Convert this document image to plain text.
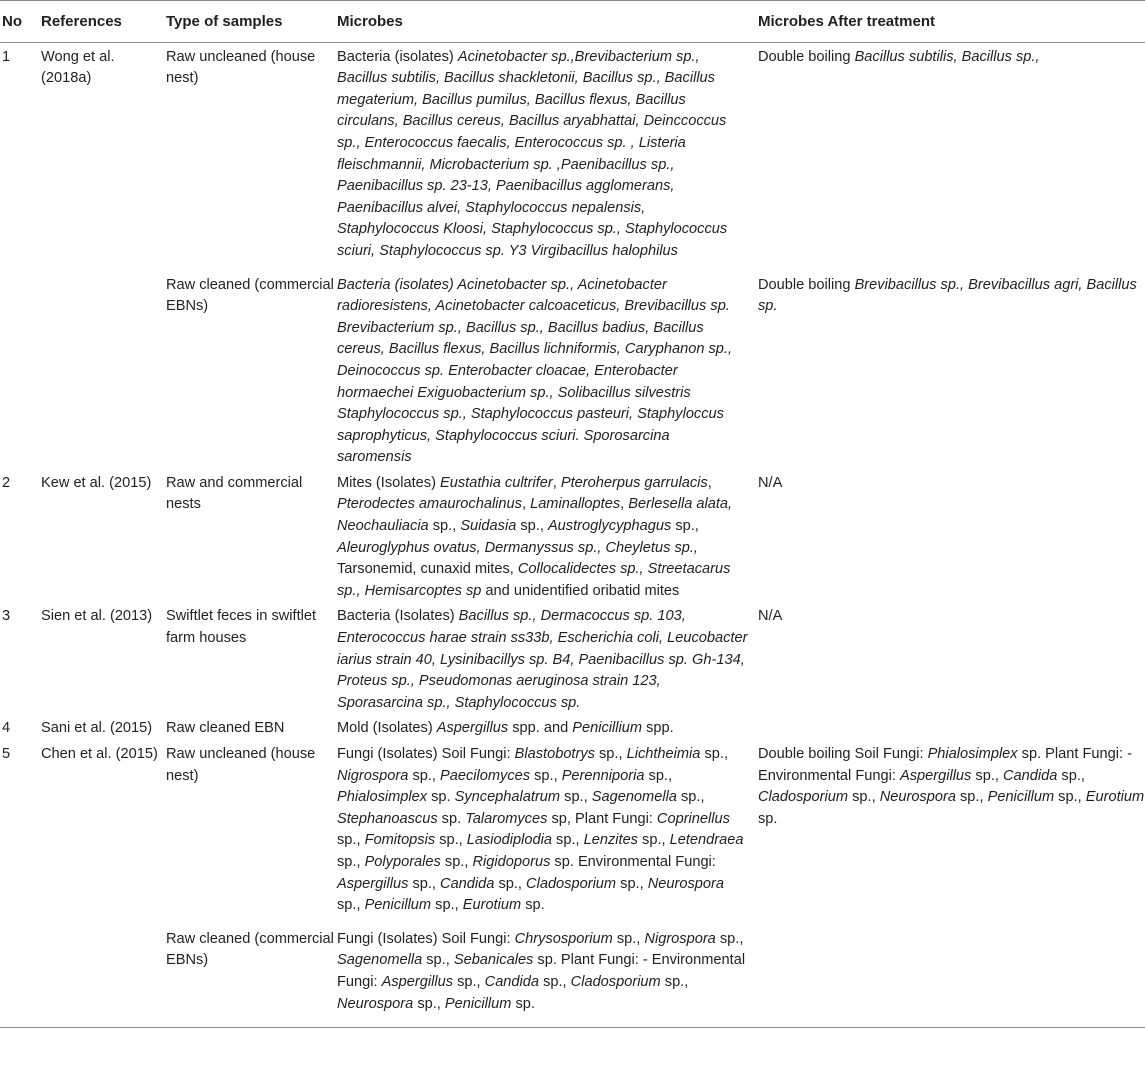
No	References	Type of samples	Microbes	Microbes After treatment
1	Wong et al. (2018a)	Raw uncleaned (house nest)	Bacteria (isolates) Acinetobacter sp.,Brevibacterium sp., Bacillus subtilis, Bacillus shackletonii, Bacillus sp., Bacillus megaterium, Bacillus pumilus, Bacillus flexus, Bacillus circulans, Bacillus cereus, Bacillus aryabhattai, Deinccoccus sp., Enterococcus faecalis, Enterococcus sp. , Listeria fleischmannii, Microbacterium sp. ,Paenibacillus sp., Paenibacillus sp. 23-13, Paenibacillus agglomerans, Paenibacillus alvei, Staphylococcus nepalensis, Staphylococcus Kloosi, Staphylococcus sp., Staphylococcus sciuri, Staphylococcus sp. Y3 Virgibacillus halophilus	Double boiling Bacillus subtilis, Bacillus sp.,
		Raw cleaned (commercial EBNs)	Bacteria (isolates) Acinetobacter sp., Acinetobacter radioresistens, Acinetobacter calcoaceticus, Brevibacillus sp. Brevibacterium sp., Bacillus sp., Bacillus badius, Bacillus cereus, Bacillus flexus, Bacillus lichniformis, Caryphanon sp., Deinococcus sp. Enterobacter cloacae, Enterobacter hormaechei Exiguobacterium sp., Solibacillus silvestris Staphylococcus sp., Staphylococcus pasteuri, Staphyloccus saprophyticus, Staphylococcus sciuri. Sporosarcina saromensis	Double boiling Brevibacillus sp., Brevibacillus agri, Bacillus sp.
2	Kew et al. (2015)	Raw and commercial nests	Mites (Isolates) Eustathia cultrifer, Pteroherpus garrulacis, Pterodectes amaurochalinus, Laminalloptes, Berlesella alata, Neochauliacia sp., Suidasia sp., Austroglycyphagus sp., Aleuroglyphus ovatus, Dermanyssus sp., Cheyletus sp., Tarsonemid, cunaxid mites, Collocalidectes sp., Streetacarus sp., Hemisarcoptes sp and unidentified oribatid mites	N/A
3	Sien et al. (2013)	Swiftlet feces in swiftlet farm houses	Bacteria (Isolates) Bacillus sp., Dermacoccus sp. 103, Enterococcus harae strain ss33b, Escherichia coli, Leucobacter iarius strain 40, Lysinibacillys sp. B4, Paenibacillus sp. Gh-134, Proteus sp., Pseudomonas aeruginosa strain 123, Sporasarcina sp., Staphylococcus sp.	N/A
4	Sani et al. (2015)	Raw cleaned EBN	Mold (Isolates) Aspergillus spp. and Penicillium spp.	
5	Chen et al. (2015)	Raw uncleaned (house nest)	Fungi (Isolates) Soil Fungi: Blastobotrys sp., Lichtheimia sp., Nigrospora sp., Paecilomyces sp., Perenniporia sp., Phialosimplex sp. Syncephalatrum sp., Sagenomella sp., Stephanoascus sp. Talaromyces sp, Plant Fungi: Coprinellus sp., Fomitopsis sp., Lasiodiplodia sp., Lenzites sp., Letendraea sp., Polyporales sp., Rigidoporus sp. Environmental Fungi: Aspergillus sp., Candida sp., Cladosporium sp., Neurospora sp., Penicillum sp., Eurotium sp.	Double boiling Soil Fungi: Phialosimplex sp. Plant Fungi: -Environmental Fungi: Aspergillus sp., Candida sp., Cladosporium sp., Neurospora sp., Penicillum sp., Eurotium sp.
		Raw cleaned (commercial EBNs)	Fungi (Isolates) Soil Fungi: Chrysosporium sp., Nigrospora sp., Sagenomella sp., Sebanicales sp. Plant Fungi: - Environmental Fungi: Aspergillus sp., Candida sp., Cladosporium sp., Neurospora sp., Penicillum sp.	
